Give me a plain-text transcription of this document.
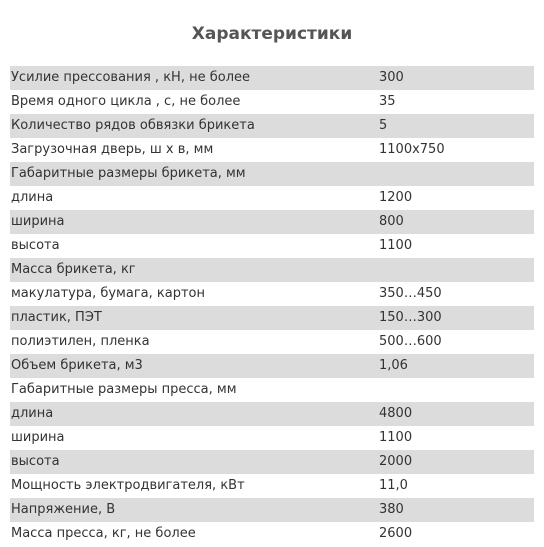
Характеристики
Усилие прессования , кН, не более	300
Время одного цикла , с, не более	35
Количество рядов обвязки брикета	5
Загрузочная дверь, ш х в, мм	1100x750
Габаритные размеры брикета, мм	
длина	1200
ширина	800
высота	1100
Масса брикета, кг	
макулатура, бумага, картон	350…450
пластик, ПЭТ	150…300
полиэтилен, пленка	500…600
Объем брикета, м3	1,06
Габаритные размеры пресса, мм	
длина	4800
ширина	1100
высота	2000
Мощность электродвигателя, кВт	11,0
Напряжение, В	380
Масса пресса, кг, не более	2600
